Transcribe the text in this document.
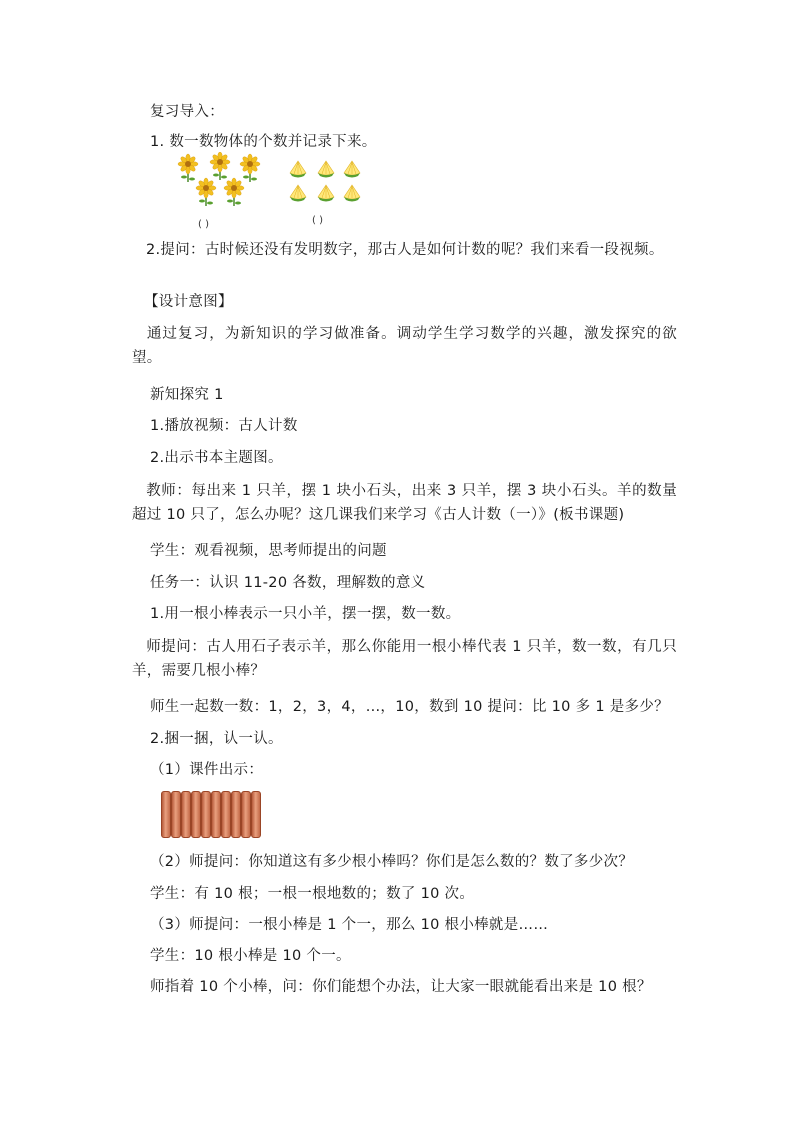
复习导入：
1. 数一数物体的个数并记录下来。
( )	( )
2.提问：古时候还没有发明数字，那古人是如何计数的呢？我们来看一段视频。
【设计意图】
通过复习，为新知识的学习做准备。调动学生学习数学的兴趣，激发探究的欲望。
新知探究 1
1.播放视频：古人计数
2.出示书本主题图。
教师：每出来 1 只羊，摆 1 块小石头，出来 3 只羊，摆 3 块小石头。羊的数量超过 10 只了，怎么办呢？这几课我们来学习《古人计数（一）》(板书课题)
学生：观看视频，思考师提出的问题
任务一：认识 11-20 各数，理解数的意义
1.用一根小棒表示一只小羊，摆一摆，数一数。
师提问：古人用石子表示羊，那么你能用一根小棒代表 1 只羊，数一数，有几只羊，需要几根小棒？
师生一起数一数：1，2，3，4，...，10，数到 10 提问：比 10 多 1 是多少？
2.捆一捆，认一认。
（1）课件出示：
（2）师提问：你知道这有多少根小棒吗？你们是怎么数的？数了多少次？
学生：有 10 根；一根一根地数的；数了 10 次。
（3）师提问：一根小棒是 1 个一，那么 10 根小棒就是……
学生：10 根小棒是 10 个一。
师指着 10 个小棒，问：你们能想个办法，让大家一眼就能看出来是 10 根？
